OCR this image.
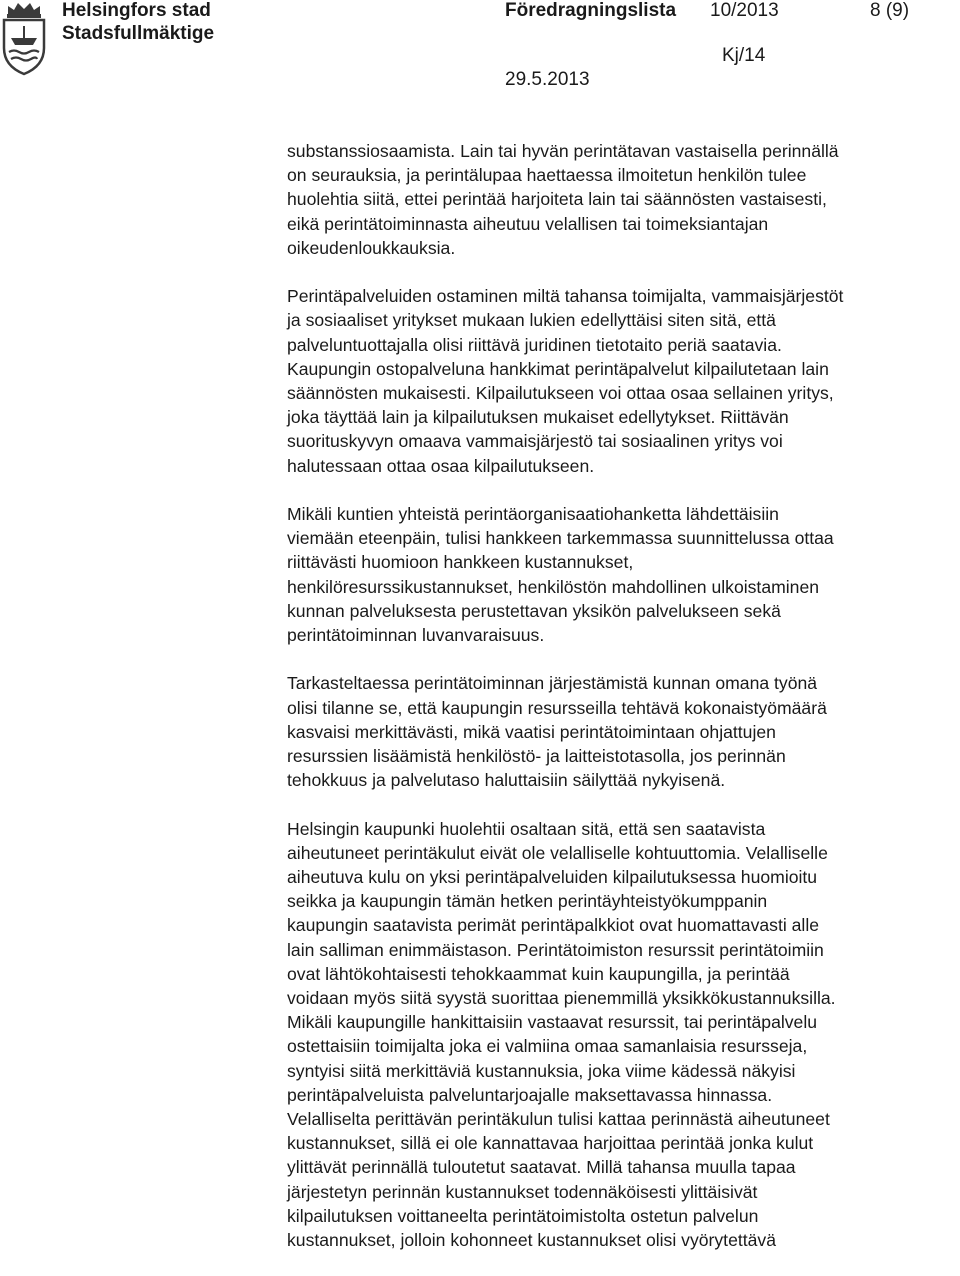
Helsingfors stad
Stadsfullmäktige
Föredragningslista 10/2013	8 (9)
Kj/14
29.5.2013

substanssiosaamista. Lain tai hyvän perintätavan vastaisella perinnällä
on seurauksia, ja perintälupaa haettaessa ilmoitetun henkilön tulee
huolehtia siitä, ettei perintää harjoiteta lain tai säännösten vastaisesti,
eikä perintätoiminnasta aiheutuu velallisen tai toimeksiantajan
oikeudenloukkauksia.

Perintäpalveluiden ostaminen miltä tahansa toimijalta, vammaisjärjestöt
ja sosiaaliset yritykset mukaan lukien edellyttäisi siten sitä, että
palveluntuottajalla olisi riittävä juridinen tietotaito periä saatavia.
Kaupungin ostopalveluna hankkimat perintäpalvelut kilpailutetaan lain
säännösten mukaisesti. Kilpailutukseen voi ottaa osaa sellainen yritys,
joka täyttää lain ja kilpailutuksen mukaiset edellytykset. Riittävän
suorituskyvyn omaava vammaisjärjestö tai sosiaalinen yritys voi
halutessaan ottaa osaa kilpailutukseen.

Mikäli kuntien yhteistä perintäorganisaatiohanketta lähdettäisiin
viemään eteenpäin, tulisi hankkeen tarkemmassa suunnittelussa ottaa
riittävästi huomioon hankkeen kustannukset,
henkilöresurssikustannukset, henkilöstön mahdollinen ulkoistaminen
kunnan palveluksesta perustettavan yksikön palvelukseen sekä
perintätoiminnan luvanvaraisuus.

Tarkasteltaessa perintätoiminnan järjestämistä kunnan omana työnä
olisi tilanne se, että kaupungin resursseilla tehtävä kokonaistyömäärä
kasvaisi merkittävästi, mikä vaatisi perintätoimintaan ohjattujen
resurssien lisäämistä henkilöstö- ja laitteistotasolla, jos perinnän
tehokkuus ja palvelutaso haluttaisiin säilyttää nykyisenä.

Helsingin kaupunki huolehtii osaltaan sitä, että sen saatavista
aiheutuneet perintäkulut eivät ole velalliselle kohtuuttomia. Velalliselle
aiheutuva kulu on yksi perintäpalveluiden kilpailutuksessa huomioitu
seikka ja kaupungin tämän hetken perintäyhteistyökumppanin
kaupungin saatavista perimät perintäpalkkiot ovat huomattavasti alle
lain salliman enimmäistason. Perintätoimiston resurssit perintätoimiin
ovat lähtökohtaisesti tehokkaammat kuin kaupungilla, ja perintää
voidaan myös siitä syystä suorittaa pienemmillä yksikkökustannuksilla.
Mikäli kaupungille hankittaisiin vastaavat resurssit, tai perintäpalvelu
ostettaisiin toimijalta joka ei valmiina omaa samanlaisia resursseja,
syntyisi siitä merkittäviä kustannuksia, joka viime kädessä näkyisi
perintäpalveluista palveluntarjoajalle maksettavassa hinnassa.
Velalliselta perittävän perintäkulun tulisi kattaa perinnästä aiheutuneet
kustannukset, sillä ei ole kannattavaa harjoittaa perintää jonka kulut
ylittävät perinnällä tuloutetut saatavat. Millä tahansa muulla tapaa
järjestetyn perinnän kustannukset todennäköisesti ylittäisivät
kilpailutuksen voittaneelta perintätoimistolta ostetun palvelun
kustannukset, jolloin kohonneet kustannukset olisi vyörytettävä
